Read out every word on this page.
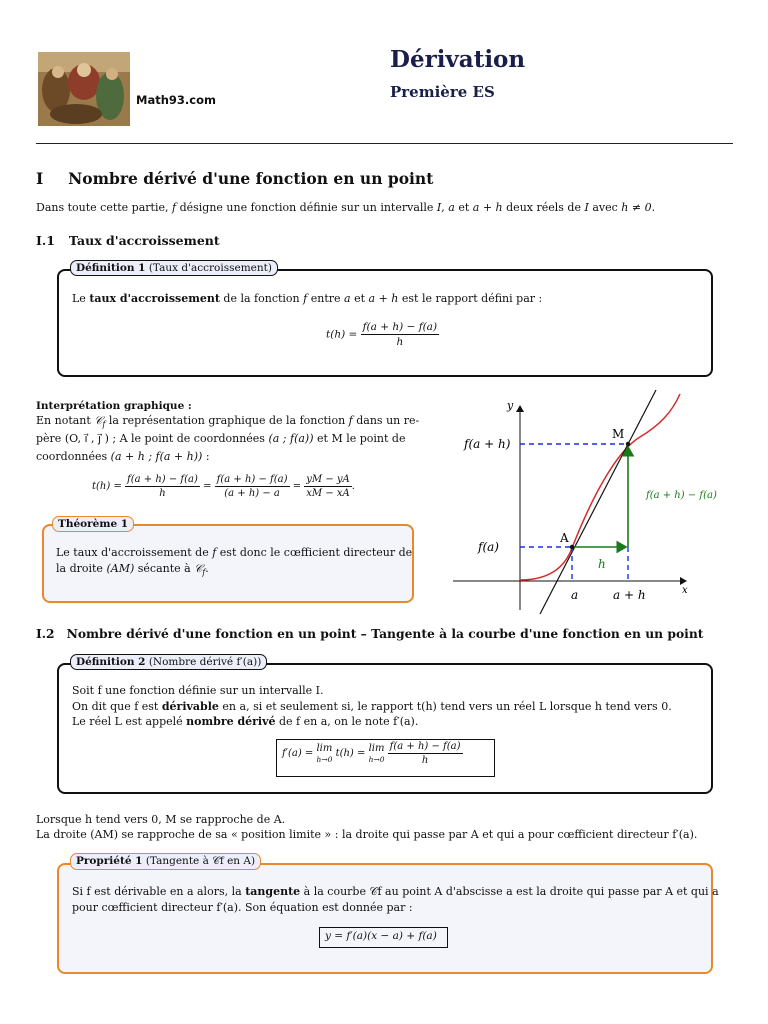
Math93.com
Dérivation
Première ES
I Nombre dérivé d'une fonction en un point
Dans toute cette partie, f désigne une fonction définie sur un intervalle I, a et a + h deux réels de I avec h ≠ 0.
I.1 Taux d'accroissement
Définition 1 (Taux d'accroissement)
Le taux d'accroissement de la fonction f entre a et a + h est le rapport défini par :
$t(h) = \frac{f(a + h) - f(a)}{h}$
Interprétation graphique :
En notant 𝒞$_f$ la représentation graphique de la fonction f dans un re-
père (O, i⃗ , j⃗ ) ; A le point de coordonnées (a ; f(a)) et M le point de
coordonnées (a + h ; f(a + h)) :
$t(h) = \frac{f(a + h) - f(a)}{h} = \frac{f(a + h) - f(a)}{(a + h) - a} = \frac{yM - yA}{xM - xA}$ .
Théorème 1
Le taux d'accroissement de f est donc le cœfficient directeur de
la droite (AM) sécante à 𝒞$_f$.
y
x
f(a + h)
f(a)
M
A
f(a + h) − f(a)
h
a	a + h
I.2 Nombre dérivé d'une fonction en un point – Tangente à la courbe d'une fonction en un point
Définition 2 (Nombre dérivé f′(a))
Soit f une fonction définie sur un intervalle I.
On dit que f est dérivable en a, si et seulement si, le rapport t(h) tend vers un réel L lorsque h tend vers 0.
Le réel L est appelé nombre dérivé de f en a, on le note f′(a).
f′(a) = lim
h→0 t(h) = lim
h→0
$\frac{f(a + h) - f(a)}{h}$
Lorsque h tend vers 0, M se rapproche de A.
La droite (AM) se rapproche de sa « position limite » : la droite qui passe par A et qui a pour cœfficient directeur f′(a).
Propriété 1 (Tangente à 𝒞f en A)
Si f est dérivable en a alors, la tangente à la courbe 𝒞f au point A d'abscisse a est la droite qui passe par A et qui a
pour cœfficient directeur f′(a). Son équation est donnée par :
y = f′(a)(x − a) + f(a)
